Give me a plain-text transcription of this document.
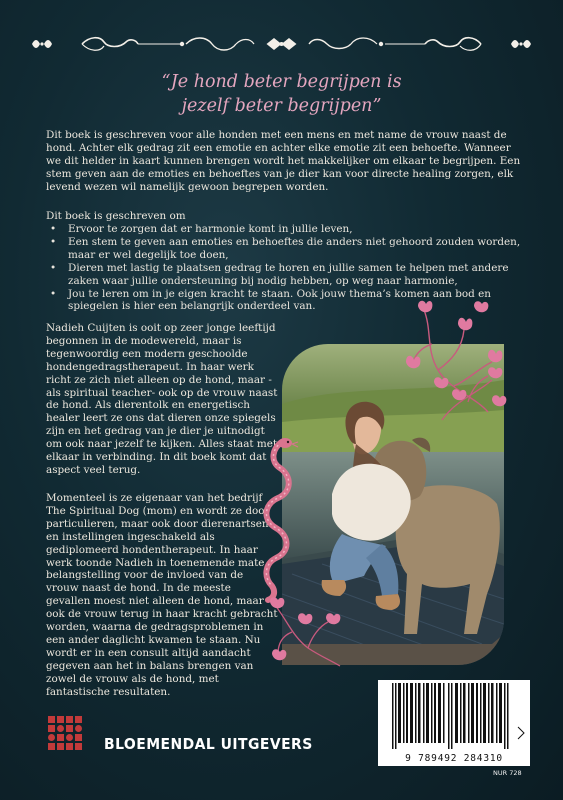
“Je hond beter begrijpen is
jezelf beter begrijpen”
Dit boek is geschreven voor alle honden met een mens en met name de vrouw naast de hond. Achter elk gedrag zit een emotie en achter elke emotie zit een behoefte. Wanneer we dit helder in kaart kunnen brengen wordt het makkelijker om elkaar te begrijpen. Een stem geven aan de emoties en behoeftes van je dier kan voor directe healing zorgen, elk levend wezen wil namelijk gewoon begrepen worden.
Dit boek is geschreven om
• Ervoor te zorgen dat er harmonie komt in jullie leven,
• Een stem te geven aan emoties en behoeftes die anders niet gehoord zouden worden, maar er wel degelijk toe doen,
• Dieren met lastig te plaatsen gedrag te horen en jullie samen te helpen met andere zaken waar jullie ondersteuning bij nodig hebben, op weg naar harmonie,
• Jou te leren om in je eigen kracht te staan. Ook jouw thema’s komen aan bod en spiegelen is hier een belangrijk onderdeel van.
Nadieh Cuijten is ooit op zeer jonge leeftijd begonnen in de modewereld, maar is tegenwoordig een modern geschoolde hondengedragstherapeut. In haar werk richt ze zich niet alleen op de hond, maar -als spiritual teacher- ook op de vrouw naast de hond. Als dierentolk en energetisch healer leert ze ons dat dieren onze spiegels zijn en het gedrag van je dier je uitnodigt om ook naar jezelf te kijken. Alles staat met elkaar in verbinding. In dit boek komt dat aspect veel terug.
Momenteel is ze eigenaar van het bedrijf The Spiritual Dog (mom) en wordt ze door particulieren, maar ook door dierenartsen en instellingen ingeschakeld als gediplomeerd hondentherapeut. In haar werk toonde Nadieh in toenemende mate belangstelling voor de invloed van de vrouw naast de hond. In de meeste gevallen moest niet alleen de hond, maar ook de vrouw terug in haar kracht gebracht worden, waarna de gedragsproblemen in een ander daglicht kwamen te staan. Nu wordt er in een consult altijd aandacht gegeven aan het in balans brengen van zowel de vrouw als de hond, met fantastische resultaten.
BLOEMENDAL UITGEVERS
9 789492 284310
NUR 728
